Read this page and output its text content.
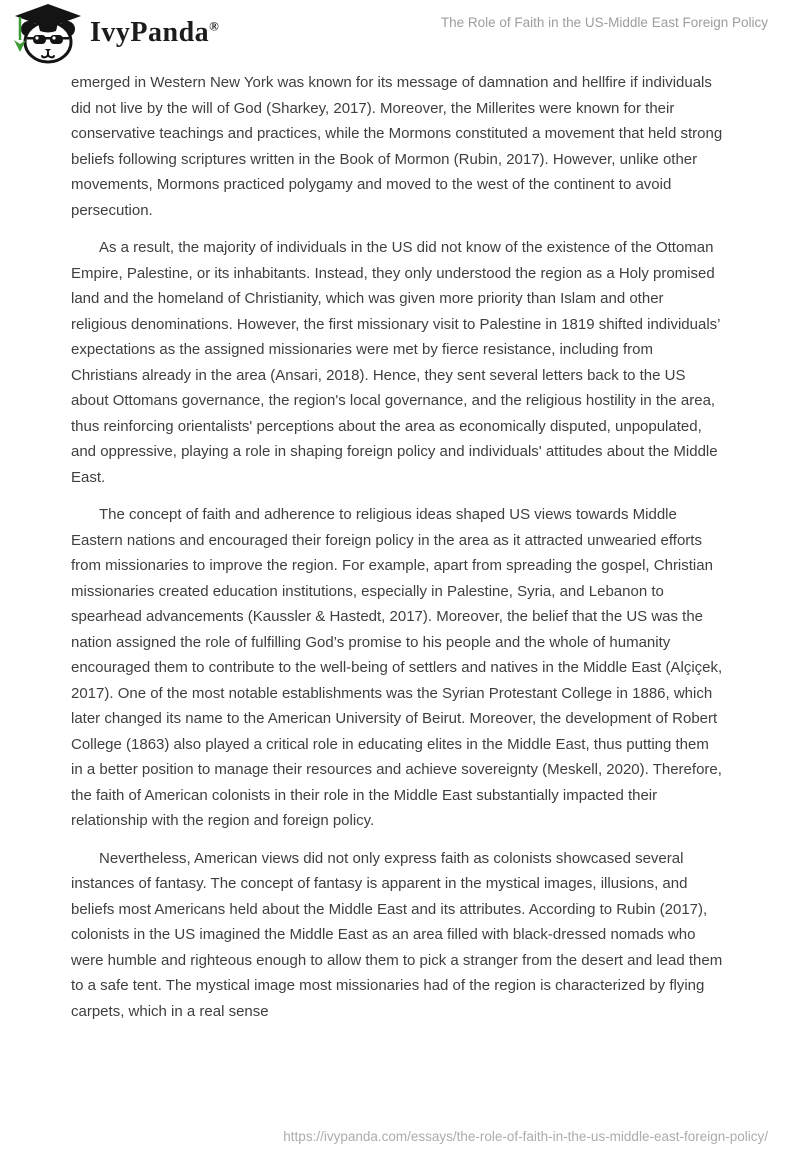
IvyPanda®	The Role of Faith in the US-Middle East Foreign Policy

emerged in Western New York was known for its message of damnation and hellfire if individuals did not live by the will of God (Sharkey, 2017). Moreover, the Millerites were known for their conservative teachings and practices, while the Mormons constituted a movement that held strong beliefs following scriptures written in the Book of Mormon (Rubin, 2017). However, unlike other movements, Mormons practiced polygamy and moved to the west of the continent to avoid persecution.

As a result, the majority of individuals in the US did not know of the existence of the Ottoman Empire, Palestine, or its inhabitants. Instead, they only understood the region as a Holy promised land and the homeland of Christianity, which was given more priority than Islam and other religious denominations. However, the first missionary visit to Palestine in 1819 shifted individuals’ expectations as the assigned missionaries were met by fierce resistance, including from Christians already in the area (Ansari, 2018). Hence, they sent several letters back to the US about Ottomans governance, the region's local governance, and the religious hostility in the area, thus reinforcing orientalists' perceptions about the area as economically disputed, unpopulated, and oppressive, playing a role in shaping foreign policy and individuals' attitudes about the Middle East.

The concept of faith and adherence to religious ideas shaped US views towards Middle Eastern nations and encouraged their foreign policy in the area as it attracted unwearied efforts from missionaries to improve the region. For example, apart from spreading the gospel, Christian missionaries created education institutions, especially in Palestine, Syria, and Lebanon to spearhead advancements (Kaussler & Hastedt, 2017). Moreover, the belief that the US was the nation assigned the role of fulfilling God’s promise to his people and the whole of humanity encouraged them to contribute to the well-being of settlers and natives in the Middle East (Alçiçek, 2017). One of the most notable establishments was the Syrian Protestant College in 1886, which later changed its name to the American University of Beirut. Moreover, the development of Robert College (1863) also played a critical role in educating elites in the Middle East, thus putting them in a better position to manage their resources and achieve sovereignty (Meskell, 2020). Therefore, the faith of American colonists in their role in the Middle East substantially impacted their relationship with the region and foreign policy.

Nevertheless, American views did not only express faith as colonists showcased several instances of fantasy. The concept of fantasy is apparent in the mystical images, illusions, and beliefs most Americans held about the Middle East and its attributes. According to Rubin (2017), colonists in the US imagined the Middle East as an area filled with black-dressed nomads who were humble and righteous enough to allow them to pick a stranger from the desert and lead them to a safe tent. The mystical image most missionaries had of the region is characterized by flying carpets, which in a real sense

https://ivypanda.com/essays/the-role-of-faith-in-the-us-middle-east-foreign-policy/
